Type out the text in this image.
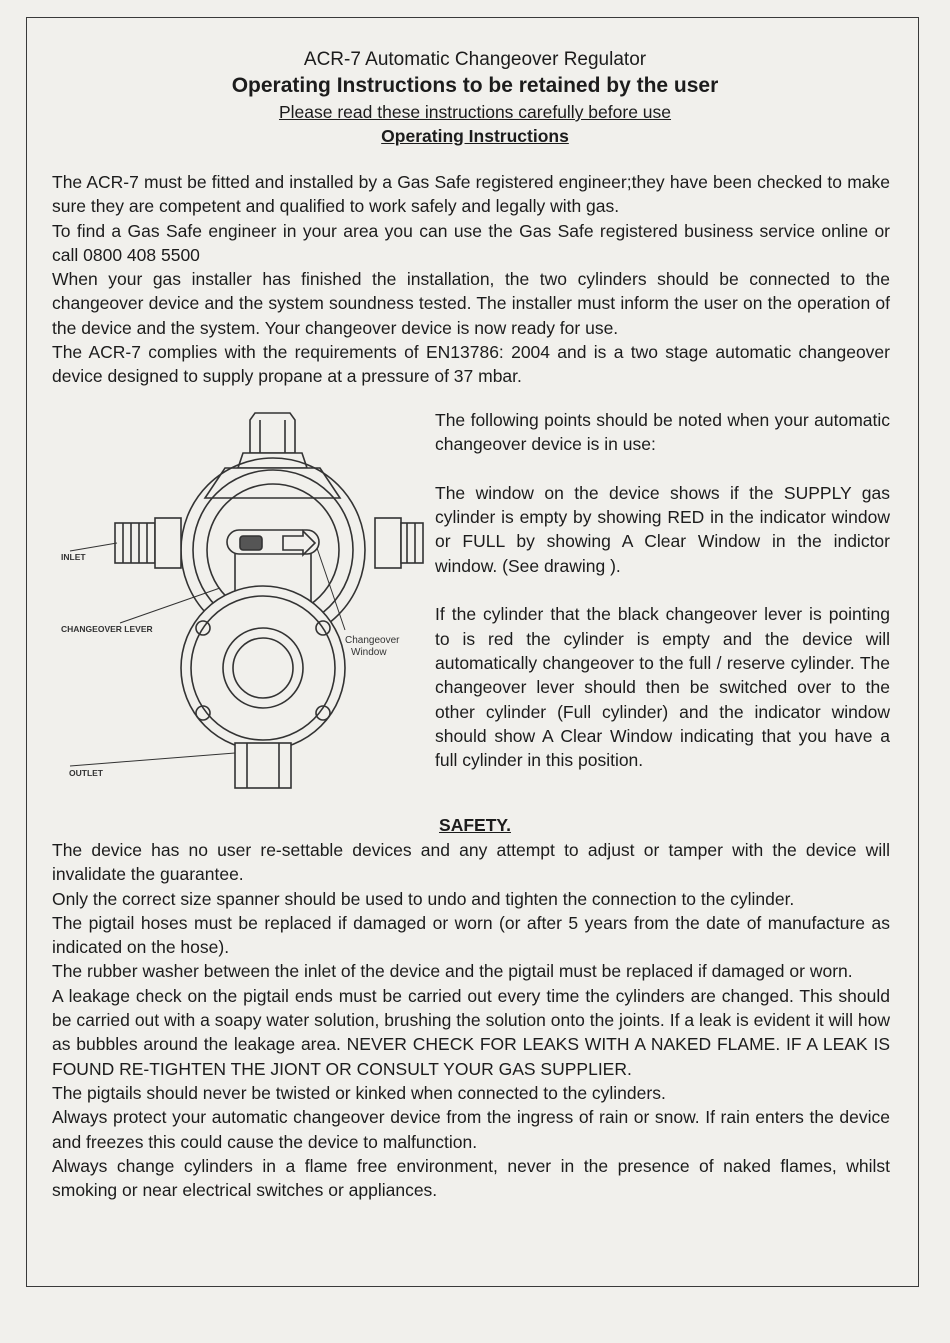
ACR-7 Automatic Changeover Regulator
Operating Instructions to be retained by the user
Please read these instructions carefully before use
Operating Instructions

The ACR-7 must be fitted and installed by a Gas Safe registered engineer;they have been checked to make sure they are competent and qualified to work safely and legally with gas.

To find a Gas Safe engineer in your area you can use the Gas Safe registered business service online or call 0800 408 5500

When your gas installer has finished the installation, the two cylinders should be connected to the changeover device and the system soundness tested. The installer must inform the user on the operation of the device and the system. Your changeover device is now ready for use.

The ACR-7 complies with the requirements of EN13786: 2004 and is a two stage automatic changeover device designed to supply propane at a pressure of 37 mbar.

INLET
CHANGEOVER LEVER
Changeover
Window
OUTLET

The following points should be noted when your automatic changeover device is in use:

The window on the device shows if the SUPPLY gas cylinder is empty by showing RED in the indicator window or FULL by showing A Clear Window in the indictor window. (See drawing ).

If the cylinder that the black changeover lever is pointing to is red the cylinder is empty and the device will automatically changeover to the full / reserve cylinder. The changeover lever should then be switched over to the other cylinder (Full cylinder) and the indicator window should show A Clear Window indicating that you have a full cylinder in this position.

SAFETY.

The device has no user re-settable devices and any attempt to adjust or tamper with the device will invalidate the guarantee.

Only the correct size spanner should be used to undo and tighten the connection to the cylinder.

The pigtail hoses must be replaced if damaged or worn (or after 5 years from the date of manufacture as indicated on the hose).

The rubber washer between the inlet of the device and the pigtail must be replaced if damaged or worn.

A leakage check on the pigtail ends must be carried out every time the cylinders are changed. This should be carried out with a soapy water solution, brushing the solution onto the joints. If a leak is evident it will how as bubbles around the leakage area. NEVER CHECK FOR LEAKS WITH A NAKED FLAME. IF A LEAK IS FOUND RE-TIGHTEN THE JIONT OR CONSULT YOUR GAS SUPPLIER.

The pigtails should never be twisted or kinked when connected to the cylinders.

Always protect your automatic changeover device from the ingress of rain or snow. If rain enters the device and freezes this could cause the device to malfunction.

Always change cylinders in a flame free environment, never in the presence of naked flames, whilst smoking or near electrical switches or appliances.
